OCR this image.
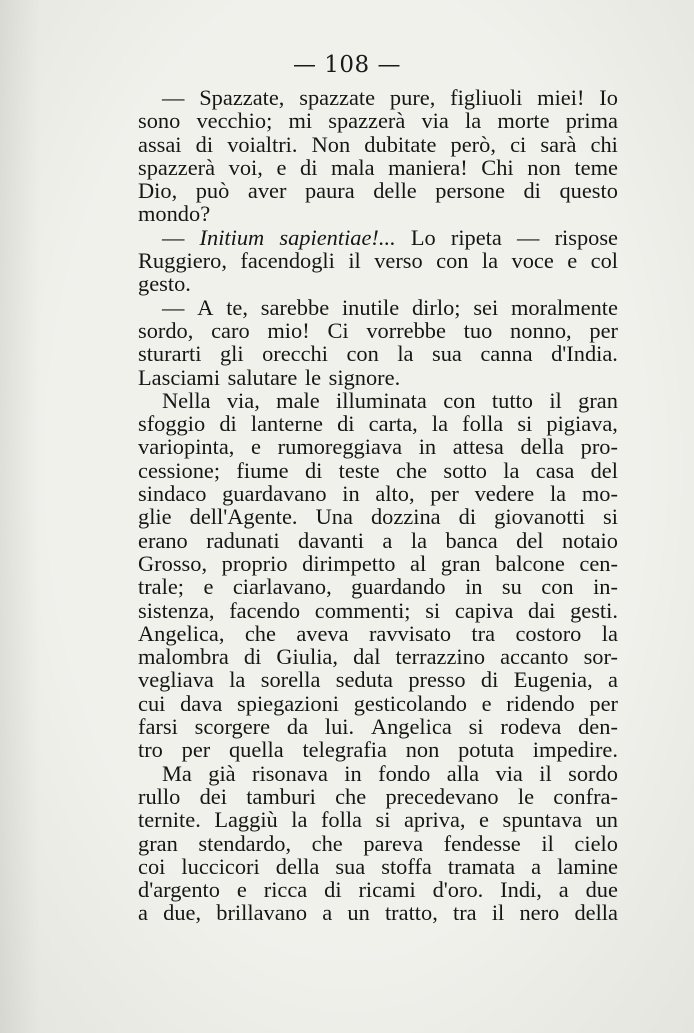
— 108 —
— Spazzate, spazzate pure, figliuoli miei! Io
sono vecchio; mi spazzerà via la morte prima
assai di voialtri. Non dubitate però, ci sarà chi
spazzerà voi, e di mala maniera! Chi non teme
Dio, può aver paura delle persone di questo
mondo?
— Initium sapientiae!... Lo ripeta — rispose
Ruggiero, facendogli il verso con la voce e col
gesto.
— A te, sarebbe inutile dirlo; sei moralmente
sordo, caro mio! Ci vorrebbe tuo nonno, per
sturarti gli orecchi con la sua canna d'India.
Lasciami salutare le signore.
Nella via, male illuminata con tutto il gran
sfoggio di lanterne di carta, la folla si pigiava,
variopinta, e rumoreggiava in attesa della pro-
cessione; fiume di teste che sotto la casa del
sindaco guardavano in alto, per vedere la mo-
glie dell'Agente. Una dozzina di giovanotti si
erano radunati davanti a la banca del notaio
Grosso, proprio dirimpetto al gran balcone cen-
trale; e ciarlavano, guardando in su con in-
sistenza, facendo commenti; si capiva dai gesti.
Angelica, che aveva ravvisato tra costoro la
malombra di Giulia, dal terrazzino accanto sor-
vegliava la sorella seduta presso di Eugenia, a
cui dava spiegazioni gesticolando e ridendo per
farsi scorgere da lui. Angelica si rodeva den-
tro per quella telegrafia non potuta impedire.
Ma già risonava in fondo alla via il sordo
rullo dei tamburi che precedevano le confra-
ternite. Laggiù la folla si apriva, e spuntava un
gran stendardo, che pareva fendesse il cielo
coi luccicori della sua stoffa tramata a lamine
d'argento e ricca di ricami d'oro. Indi, a due
a due, brillavano a un tratto, tra il nero della
